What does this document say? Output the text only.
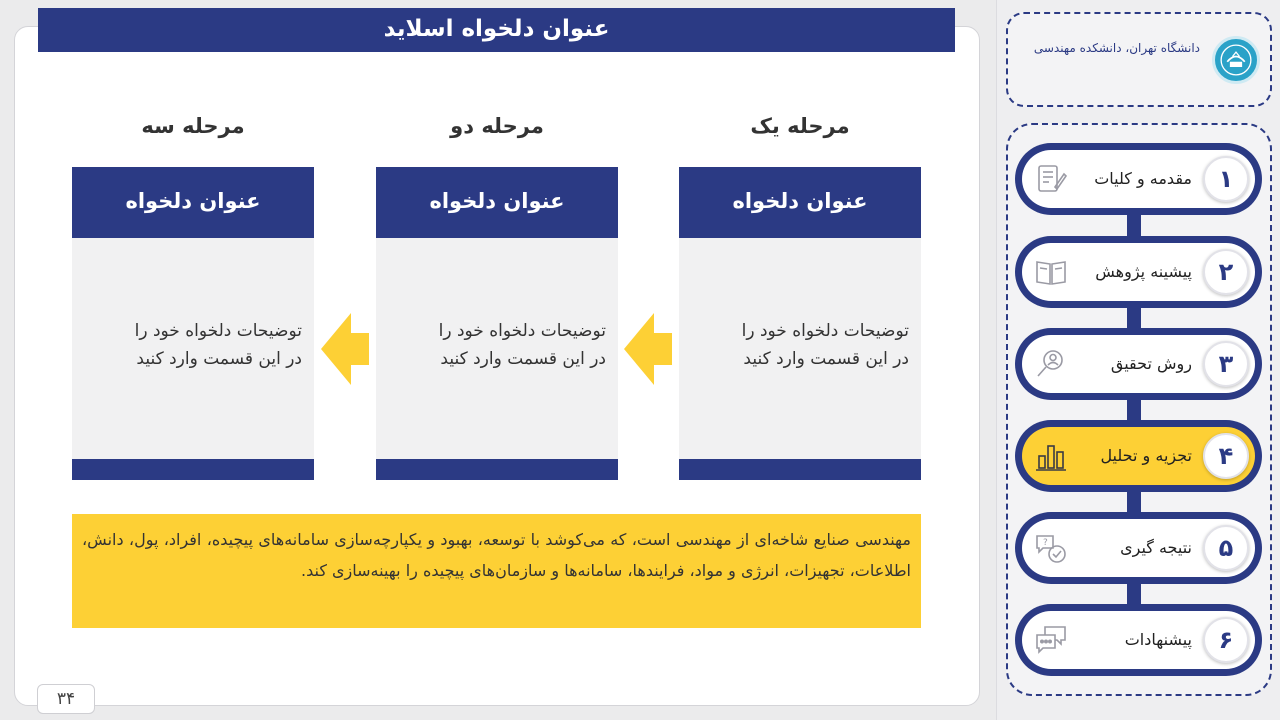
عنوان دلخواه اسلاید
مرحله یک
مرحله دو
مرحله سه
عنوان دلخواه
توضیحات دلخواه خود را
در این قسمت وارد کنید
عنوان دلخواه
توضیحات دلخواه خود را
در این قسمت وارد کنید
عنوان دلخواه
توضیحات دلخواه خود را
در این قسمت وارد کنید
مهندسی صنایع شاخه‌ای از مهندسی است، که می‌کوشد با توسعه، بهبود و یکپارچه‌سازی سامانه‌های پیچیده، افراد، پول، دانش، اطلاعات، تجهیزات، انرژی و مواد، فرایندها، سامانه‌ها و سازمان‌های پیچیده را بهینه‌سازی کند.
۳۴
دانشگاه تهران، دانشکده مهندسی
مقدمه و کلیات	۱
پیشینه پژوهش	۲
روش تحقیق	۳
تجزیه و تحلیل	۴
?	نتیجه گیری	۵
پیشنهادات	۶
